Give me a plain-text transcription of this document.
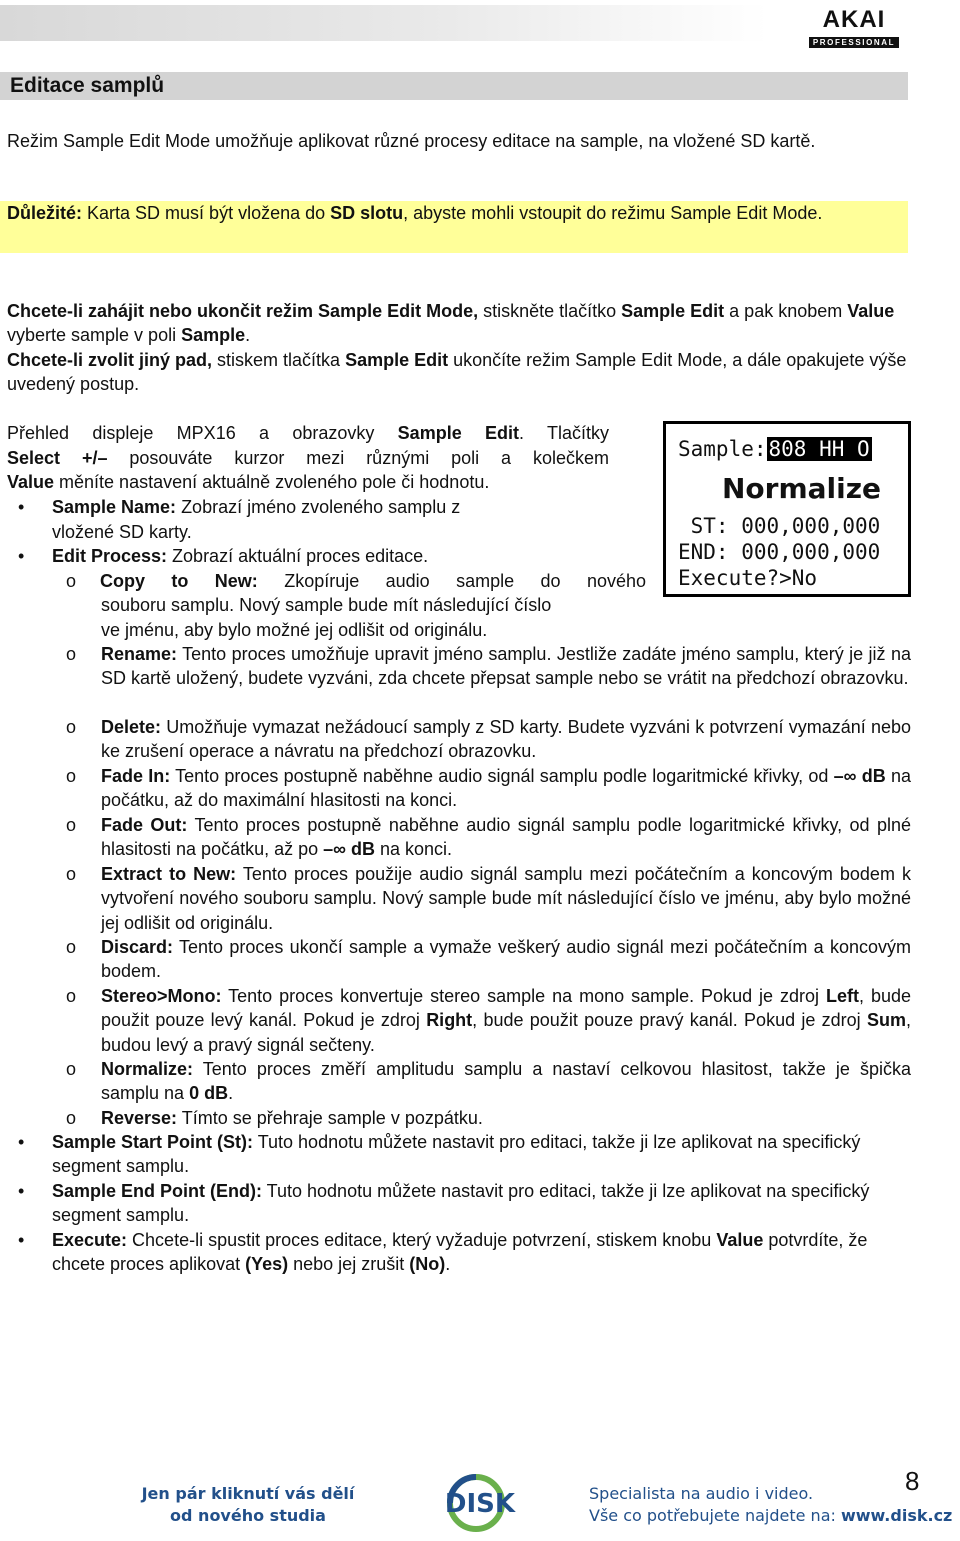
AKAI
PROFESSIONAL
Editace samplů
Režim Sample Edit Mode umožňuje aplikovat různé procesy editace na sample, na vložené SD kartě.
Důležité: Karta SD musí být vložena do SD slotu, abyste mohli vstoupit do režimu Sample Edit Mode.
Chcete-li zahájit nebo ukončit režim Sample Edit Mode, stiskněte tlačítko Sample Edit a pak knobem Value vyberte sample v poli Sample.
Chcete-li zvolit jiný pad, stiskem tlačítka Sample Edit ukončíte režim Sample Edit Mode, a dále opakujete výše uvedený postup.
Přehled displeje MPX16 a obrazovky Sample Edit. Tlačítky
Select +/– posouváte kurzor mezi různými poli a kolečkem
Value měníte nastavení aktuálně zvoleného pole či hodnotu.
Sample:808 HH O
Normalize
ST: 000,000,000
END: 000,000,000
Execute?>No
• Sample Name: Zobrazí jméno zvoleného samplu z
vložené SD karty.
• Edit Process: Zobrazí aktuální proces editace.
o Copy to New: Zkopíruje audio sample do nového
souboru samplu. Nový sample bude mít následující číslo
ve jménu, aby bylo možné jej odlišit od originálu.
o Rename: Tento proces umožňuje upravit jméno samplu. Jestliže zadáte jméno samplu, který je již na SD kartě uložený, budete vyzváni, zda chcete přepsat sample nebo se vrátit na předchozí obrazovku.
o Delete: Umožňuje vymazat nežádoucí samply z SD karty. Budete vyzváni k potvrzení vymazání nebo ke zrušení operace a návratu na předchozí obrazovku.
o Fade In: Tento proces postupně naběhne audio signál samplu podle logaritmické křivky, od –∞ dB na počátku, až do maximální hlasitosti na konci.
o Fade Out: Tento proces postupně naběhne audio signál samplu podle logaritmické křivky, od plné hlasitosti na počátku, až po –∞ dB na konci.
o Extract to New: Tento proces použije audio signál samplu mezi počátečním a koncovým bodem k vytvoření nového souboru samplu. Nový sample bude mít následující číslo ve jménu, aby bylo možné jej odlišit od originálu.
o Discard: Tento proces ukončí sample a vymaže veškerý audio signál mezi počátečním a koncovým bodem.
o Stereo>Mono: Tento proces konvertuje stereo sample na mono sample. Pokud je zdroj Left, bude použit pouze levý kanál. Pokud je zdroj Right, bude použit pouze pravý kanál. Pokud je zdroj Sum, budou levý a pravý signál sečteny.
o Normalize: Tento proces změří amplitudu samplu a nastaví celkovou hlasitost, takže je špička samplu na 0 dB.
o Reverse: Tímto se přehraje sample v pozpátku.
• Sample Start Point (St): Tuto hodnotu můžete nastavit pro editaci, takže ji lze aplikovat na specifický segment samplu.
• Sample End Point (End): Tuto hodnotu můžete nastavit pro editaci, takže ji lze aplikovat na specifický segment samplu.
• Execute: Chcete-li spustit proces editace, který vyžaduje potvrzení, stiskem knobu Value potvrdíte, že chcete proces aplikovat (Yes) nebo jej zrušit (No).
8
Jen pár kliknutí vás dělí
od nového studia	DISK	Specialista na audio i video.
Vše co potřebujete najdete na: www.disk.cz
